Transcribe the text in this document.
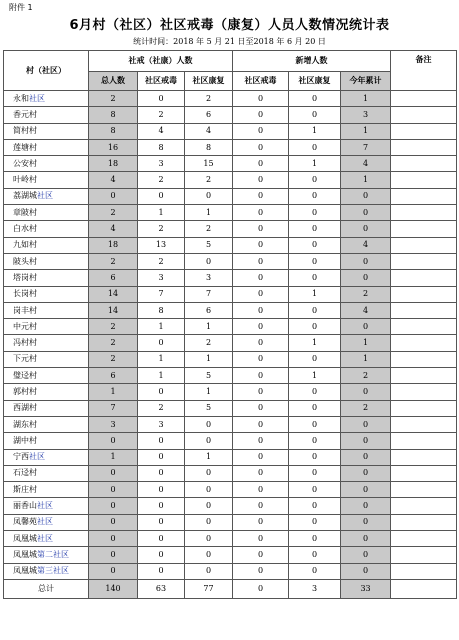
附件 1
6月村（社区）社区戒毒（康复）人员人数情况统计表
统计时间：2018 年 5 月 21 日至2018 年 6 月 20 日
村（社区）	社戒（社康）人数			新增人数			备注
	总人数	社区戒毒	社区康复	社区戒毒	社区康复	今年累计	
永和社区	2	0	2	0	0	1	
香元村	8	2	6	0	0	3	
简村村	8	4	4	0	1	1	
莲塘村	16	8	8	0	0	7	
公安村	18	3	15	0	1	4	
叶岭村	4	2	2	0	0	1	
荔湖城社区	0	0	0	0	0	0	
章陂村	2	1	1	0	0	0	
白水村	4	2	2	0	0	0	
九如村	18	13	5	0	0	4	
陂头村	2	2	0	0	0	0	
塔岗村	6	3	3	0	0	0	
长岗村	14	7	7	0	1	2	
岗丰村	14	8	6	0	0	4	
中元村	2	1	1	0	0	0	
冯村村	2	0	2	0	1	1	
下元村	2	1	1	0	0	1	
璧迳村	6	1	5	0	1	2	
郭村村	1	0	1	0	0	0	
西湖村	7	2	5	0	0	2	
湖东村	3	3	0	0	0	0	
湖中村	0	0	0	0	0	0	
宁西社区	1	0	1	0	0	0	
石迳村	0	0	0	0	0	0	
斯庄村	0	0	0	0	0	0	
丽香山社区	0	0	0	0	0	0	
凤馨苑社区	0	0	0	0	0	0	
凤凰城社区	0	0	0	0	0	0	
凤凰城第二社区	0	0	0	0	0	0	
凤凰城第三社区	0	0	0	0	0	0	
总计	140	63	77	0	3	33	
